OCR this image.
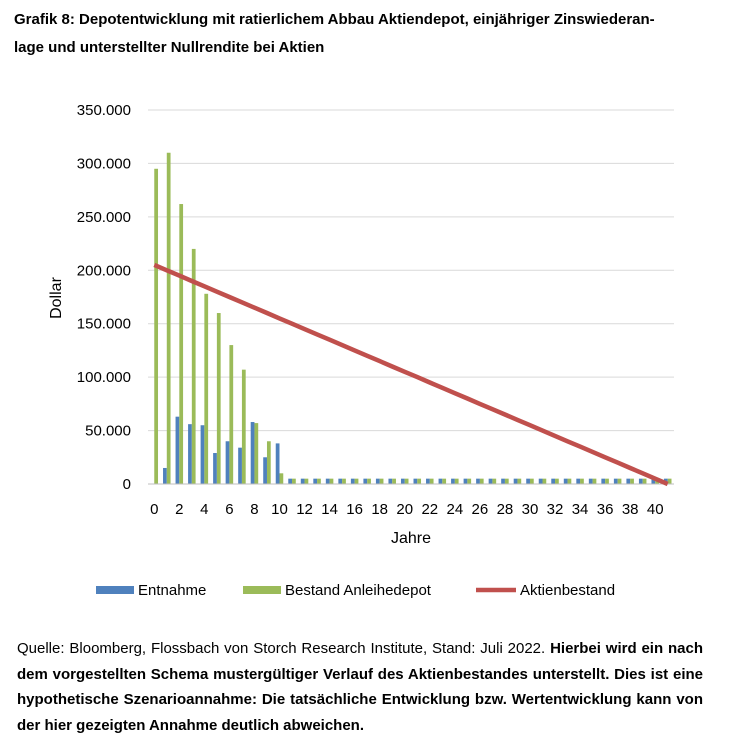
Grafik 8: Depotentwicklung mit ratierlichem Abbau Aktiendepot, einjähriger Zinswiederan-
lage und unterstellter Nullrendite bei Aktien
0
50.000
100.000
150.000
200.000
250.000
300.000
350.000
0 2 4 6 8 10 12 14 16 18 20 22 24 26 28 30 32 34 36 38 40
Jahre
Dollar
Entnahme	Bestand Anleihedepot	Aktienbestand
Quelle: Bloomberg, Flossbach von Storch Research Institute, Stand: Juli 2022. Hierbei wird ein nach dem vorgestellten Schema mustergültiger Verlauf des Aktienbestandes unterstellt. Dies ist eine hypothetische Szenarioannahme: Die tatsächliche Entwicklung bzw. Wertentwicklung kann von der hier gezeigten Annahme deutlich abweichen.
